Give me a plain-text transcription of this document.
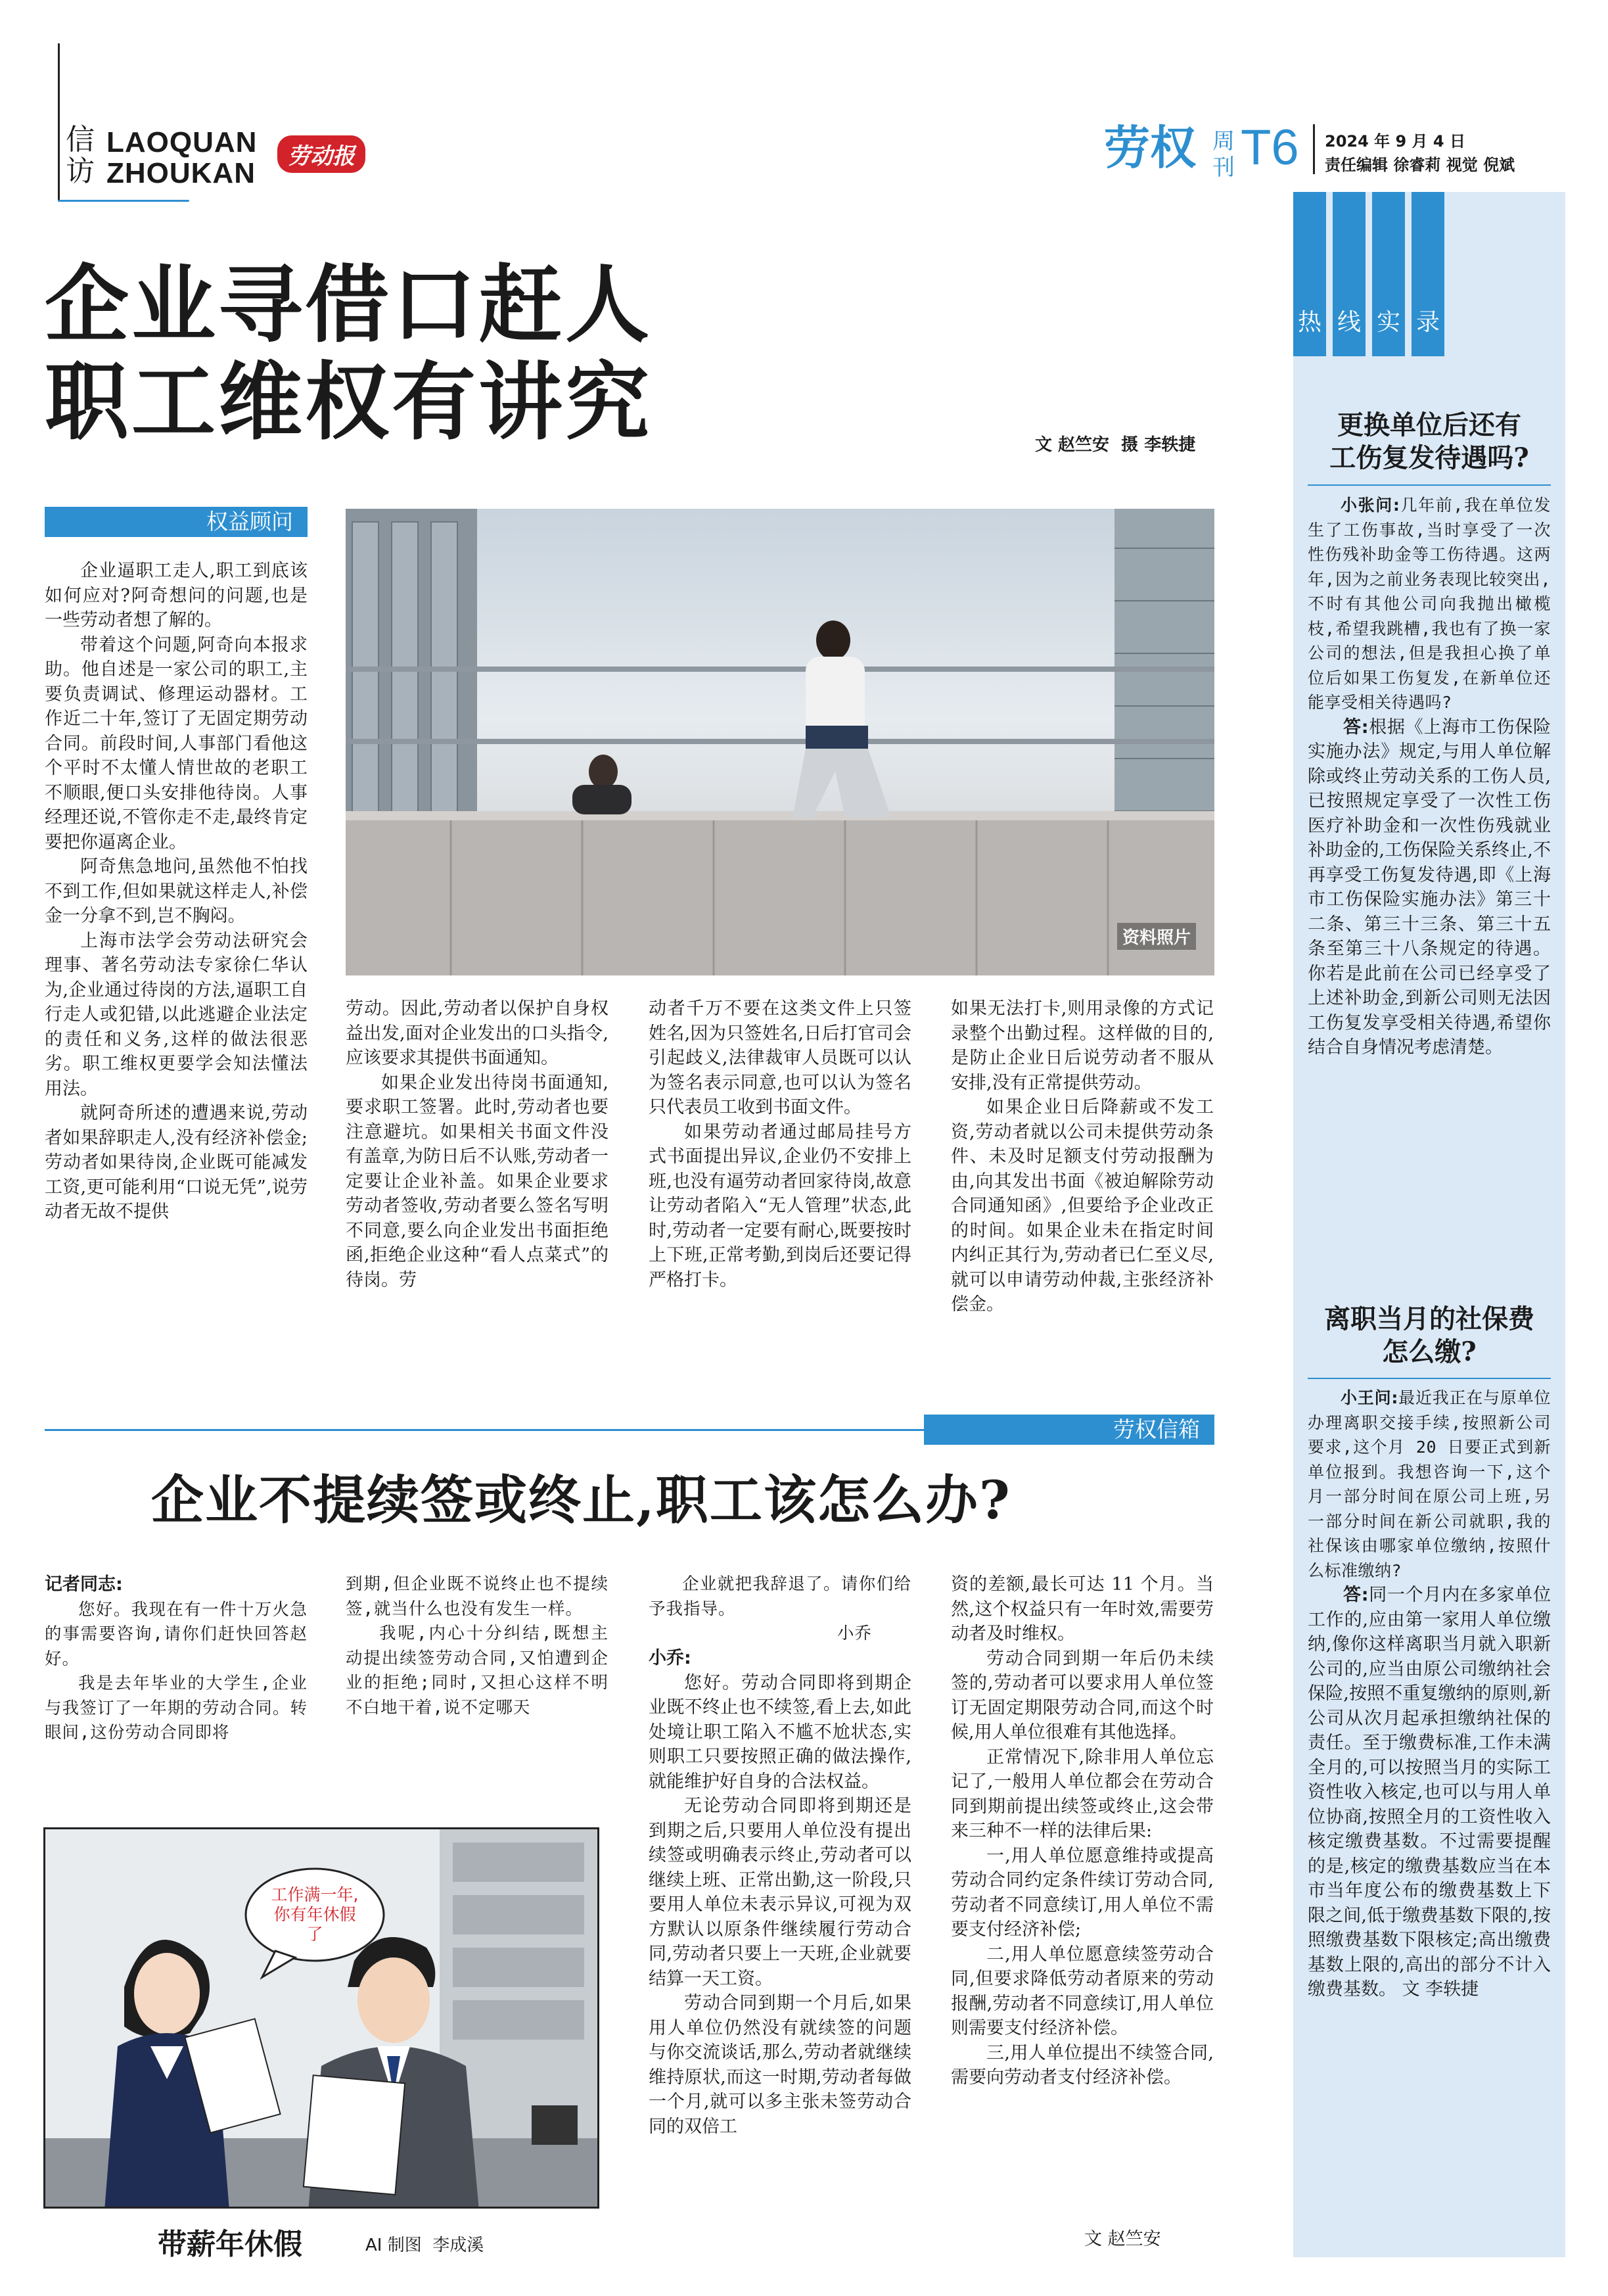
信
访
LAOQUAN
ZHOUKAN
劳动报	劳权 周
刊 T6 2024 年 9 月 4 日
责任编辑 徐睿莉 视觉 倪斌
企业寻借口赶人
职工维权有讲究	文 赵竺安  摄 李轶捷
权益顾问
资料照片

企业逼职工走人,职工到底该如何应对?阿奇想问的问题,也是一些劳动者想了解的。

带着这个问题,阿奇向本报求助。他自述是一家公司的职工,主要负责调试、修理运动器材。工作近二十年,签订了无固定期劳动合同。前段时间,人事部门看他这个平时不太懂人情世故的老职工不顺眼,便口头安排他待岗。人事经理还说,不管你走不走,最终肯定要把你逼离企业。

阿奇焦急地问,虽然他不怕找不到工作,但如果就这样走人,补偿金一分拿不到,岂不胸闷。

上海市法学会劳动法研究会理事、著名劳动法专家徐仁华认为,企业通过待岗的方法,逼职工自行走人或犯错,以此逃避企业法定的责任和义务,这样的做法很恶劣。职工维权更要学会知法懂法用法。

就阿奇所述的遭遇来说,劳动者如果辞职走人,没有经济补偿金;劳动者如果待岗,企业既可能减发工资,更可能利用“口说无凭”,说劳动者无故不提供

劳动。因此,劳动者以保护自身权益出发,面对企业发出的口头指令,应该要求其提供书面通知。

如果企业发出待岗书面通知,要求职工签署。此时,劳动者也要注意避坑。如果相关书面文件没有盖章,为防日后不认账,劳动者一定要让企业补盖。如果企业要求劳动者签收,劳动者要么签名写明不同意,要么向企业发出书面拒绝函,拒绝企业这种“看人点菜式”的待岗。劳

动者千万不要在这类文件上只签姓名,因为只签姓名,日后打官司会引起歧义,法律裁审人员既可以认为签名表示同意,也可以认为签名只代表员工收到书面文件。

如果劳动者通过邮局挂号方式书面提出异议,企业仍不安排上班,也没有逼劳动者回家待岗,故意让劳动者陷入“无人管理”状态,此时,劳动者一定要有耐心,既要按时上下班,正常考勤,到岗后还要记得严格打卡。

如果无法打卡,则用录像的方式记录整个出勤过程。这样做的目的,是防止企业日后说劳动者不服从安排,没有正常提供劳动。

如果企业日后降薪或不发工资,劳动者就以公司未提供劳动条件、未及时足额支付劳动报酬为由,向其发出书面《被迫解除劳动合同通知函》,但要给予企业改正的时间。如果企业未在指定时间内纠正其行为,劳动者已仁至义尽,就可以申请劳动仲裁,主张经济补偿金。

劳权信箱
企业不提续签或终止,职工该怎么办?

记者同志:

您好。我现在有一件十万火急的事需要咨询,请你们赶快回答赵好。

我是去年毕业的大学生,企业与我签订了一年期的劳动合同。转眼间,这份劳动合同即将

到期,但企业既不说终止也不提续签,就当什么也没有发生一样。

我呢,内心十分纠结,既想主动提出续签劳动合同,又怕遭到企业的拒绝;同时,又担心这样不明不白地干着,说不定哪天

企业就把我辞退了。请你们给予我指导。

小乔

小乔:

您好。劳动合同即将到期企业既不终止也不续签,看上去,如此处境让职工陷入不尴不尬状态,实则职工只要按照正确的做法操作,就能维护好自身的合法权益。

无论劳动合同即将到期还是到期之后,只要用人单位没有提出续签或明确表示终止,劳动者可以继续上班、正常出勤,这一阶段,只要用人单位未表示异议,可视为双方默认以原条件继续履行劳动合同,劳动者只要上一天班,企业就要结算一天工资。

劳动合同到期一个月后,如果用人单位仍然没有就续签的问题与你交流谈话,那么,劳动者就继续维持原状,而这一时期,劳动者每做一个月,就可以多主张未签劳动合同的双倍工

资的差额,最长可达 11 个月。当然,这个权益只有一年时效,需要劳动者及时维权。

劳动合同到期一年后仍未续签的,劳动者可以要求用人单位签订无固定期限劳动合同,而这个时候,用人单位很难有其他选择。

正常情况下,除非用人单位忘记了,一般用人单位都会在劳动合同到期前提出续签或终止,这会带来三种不一样的法律后果:

一,用人单位愿意维持或提高劳动合同约定条件续订劳动合同,劳动者不同意续订,用人单位不需要支付经济补偿;

二,用人单位愿意续签劳动合同,但要求降低劳动者原来的劳动报酬,劳动者不同意续订,用人单位则需要支付经济补偿。

三,用人单位提出不续签合同,需要向劳动者支付经济补偿。

工作满一年,你有年休假了
带薪年休假	AI 制图  李成溪	文 赵竺安
热 线 实 录
更换单位后还有
工伤复发待遇吗?

小张问:几年前,我在单位发生了工伤事故,当时享受了一次性伤残补助金等工伤待遇。这两年,因为之前业务表现比较突出,不时有其他公司向我抛出橄榄枝,希望我跳槽,我也有了换一家公司的想法,但是我担心换了单位后如果工伤复发,在新单位还能享受相关待遇吗?

答:根据《上海市工伤保险实施办法》规定,与用人单位解除或终止劳动关系的工伤人员,已按照规定享受了一次性工伤医疗补助金和一次性伤残就业补助金的,工伤保险关系终止,不再享受工伤复发待遇,即《上海市工伤保险实施办法》第三十二条、第三十三条、第三十五条至第三十八条规定的待遇。你若是此前在公司已经享受了上述补助金,到新公司则无法因工伤复发享受相关待遇,希望你结合自身情况考虑清楚。

离职当月的社保费
怎么缴?

小王问:最近我正在与原单位办理离职交接手续,按照新公司要求,这个月 20 日要正式到新单位报到。我想咨询一下,这个月一部分时间在原公司上班,另一部分时间在新公司就职,我的社保该由哪家单位缴纳,按照什么标准缴纳?

答:同一个月内在多家单位工作的,应由第一家用人单位缴纳,像你这样离职当月就入职新公司的,应当由原公司缴纳社会保险,按照不重复缴纳的原则,新公司从次月起承担缴纳社保的责任。至于缴费标准,工作未满全月的,可以按照当月的实际工资性收入核定,也可以与用人单位协商,按照全月的工资性收入核定缴费基数。不过需要提醒的是,核定的缴费基数应当在本市当年度公布的缴费基数上下限之间,低于缴费基数下限的,按照缴费基数下限核定;高出缴费基数上限的,高出的部分不计入缴费基数。 文 李轶捷
